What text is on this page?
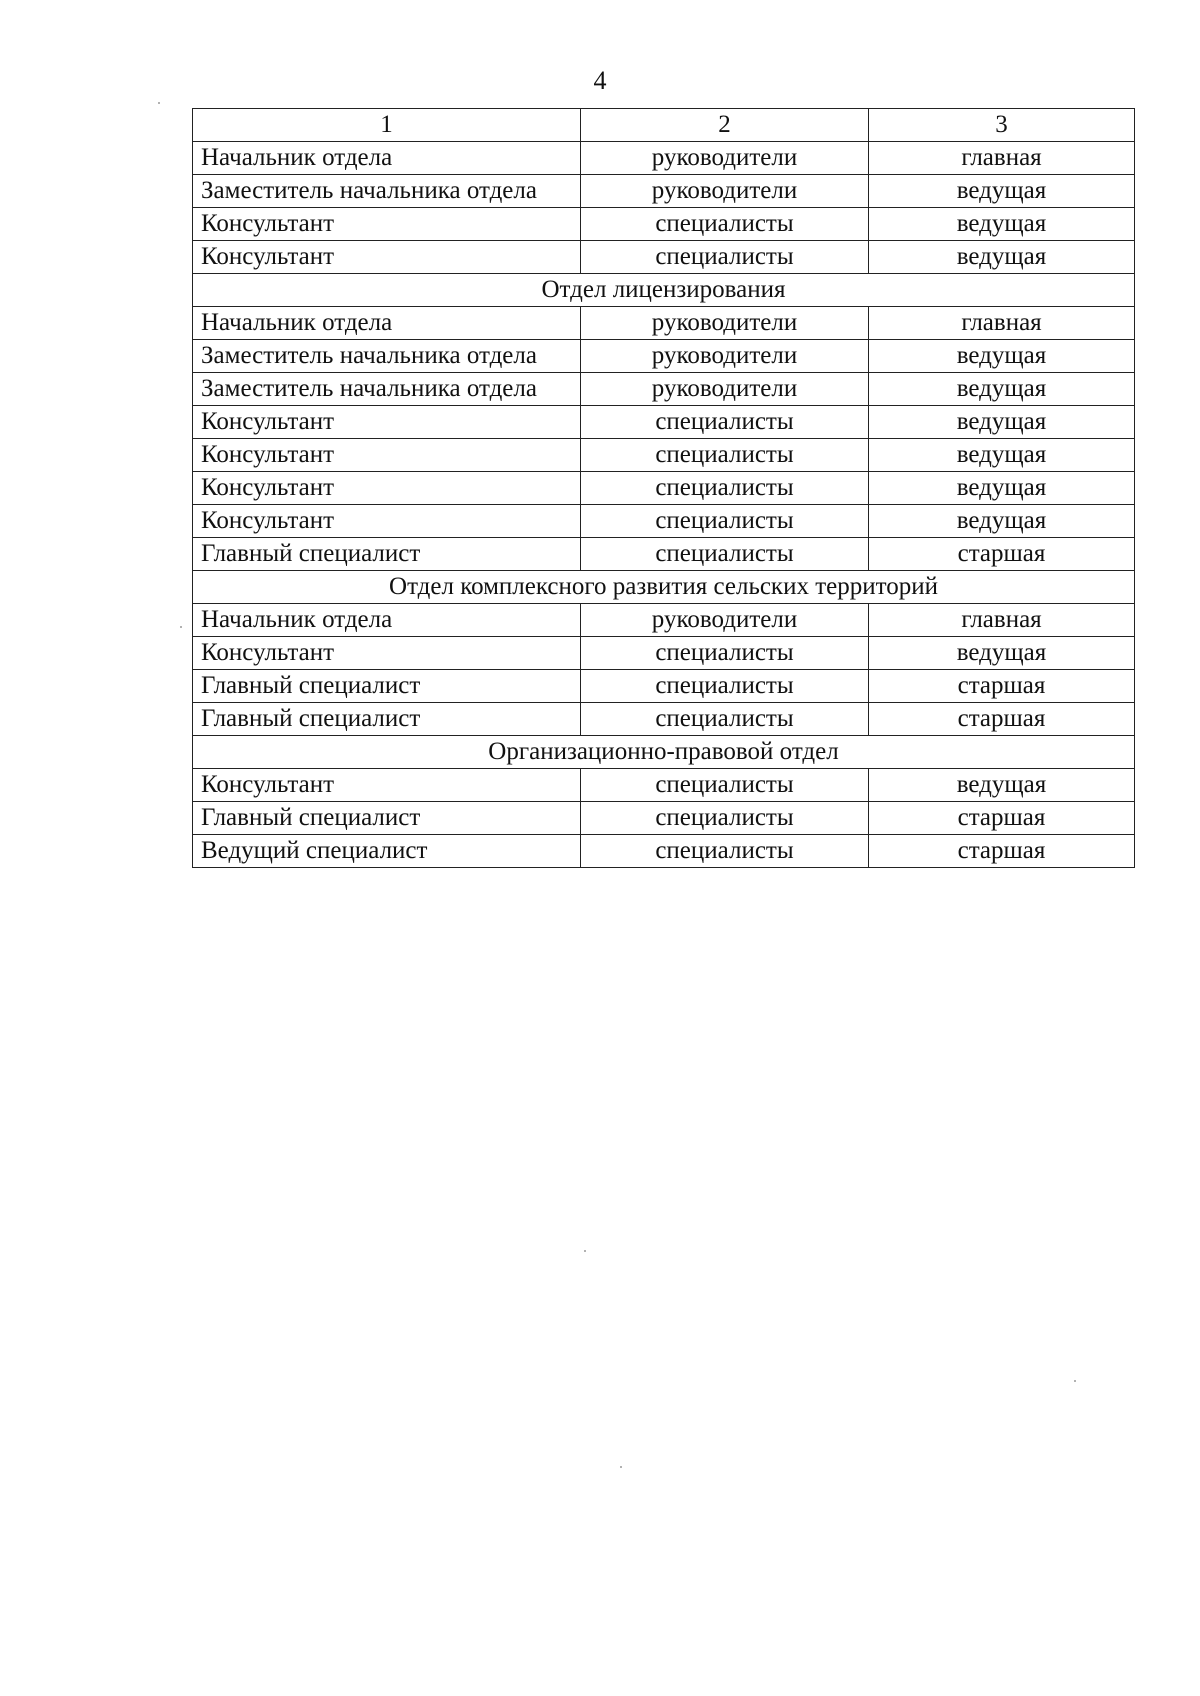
4
1	2	3
Начальник отдела	руководители	главная
Заместитель начальника отдела	руководители	ведущая
Консультант	специалисты	ведущая
Консультант	специалисты	ведущая
Отдел лицензирования		
Начальник отдела	руководители	главная
Заместитель начальника отдела	руководители	ведущая
Заместитель начальника отдела	руководители	ведущая
Консультант	специалисты	ведущая
Консультант	специалисты	ведущая
Консультант	специалисты	ведущая
Консультант	специалисты	ведущая
Главный специалист	специалисты	старшая
Отдел комплексного развития сельских территорий		
Начальник отдела	руководители	главная
Консультант	специалисты	ведущая
Главный специалист	специалисты	старшая
Главный специалист	специалисты	старшая
Организационно-правовой отдел		
Консультант	специалисты	ведущая
Главный специалист	специалисты	старшая
Ведущий специалист	специалисты	старшая
